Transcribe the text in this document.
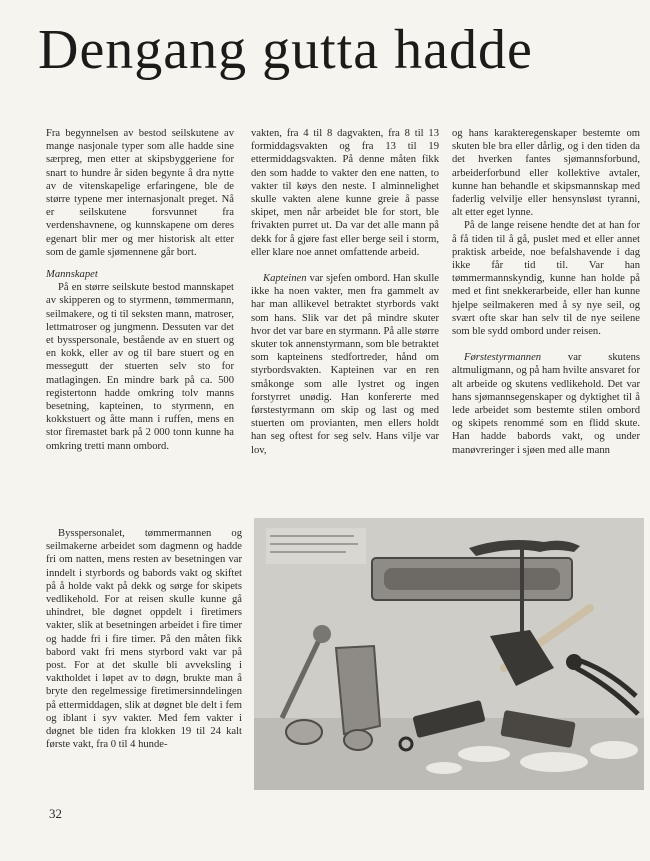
Dengang gutta hadde

Fra begynnelsen av bestod seilskutene av mange nasjonale typer som alle hadde sine særpreg, men etter at skipsbyggeriene for snart to hundre år siden begynte å dra nytte av de vitenskapelige erfaringene, ble de større typene mer internasjonalt preget. Nå er seilskutene forsvunnet fra verdenshavnene, og kunnskapene om deres egenart blir mer og mer historisk alt etter som de gamle sjømennene går bort.

Mannskapet

På en større seilskute bestod mannskapet av skipperen og to styrmenn, tømmermann, seilmakere, og ti til seksten mann, matroser, lettmatroser og jungmenn. Dessuten var det et bysspersonale, bestående av en stuert og en kokk, eller av og til bare stuert og en messegutt der stuerten selv sto for matlagingen. En mindre bark på ca. 500 registertonn hadde omkring tolv manns besetning, kapteinen, to styrmenn, en kokkstuert og åtte mann i ruffen, mens en stor firemastet bark på 2 000 tonn kunne ha omkring tretti mann ombord.

vakten, fra 4 til 8 dagvakten, fra 8 til 13 formiddagsvakten og fra 13 til 19 ettermiddagsvakten. På denne måten fikk den som hadde to vakter den ene natten, to vakter til køys den neste. I alminnelighet skulle vakten alene kunne greie å passe skipet, men når arbeidet ble for stort, ble frivakten purret ut. Da var det alle mann på dekk for å gjøre fast eller berge seil i storm, eller klare noe annet omfattende arbeid.

Kapteinen var sjefen ombord. Han skulle ikke ha noen vakter, men fra gammelt av har man allikevel betraktet styrbords vakt som hans. Slik var det på mindre skuter hvor det var bare en styrmann. På alle større skuter tok annenstyrmann, som ble betraktet som kapteinens stedfortreder, hånd om styrbordsvakten. Kapteinen var en ren småkonge som alle lystret og ingen forstyrret unødig. Han konfererte med førstestyrmann om skip og last og med stuerten om proviantеn, men ellers holdt han seg oftest for seg selv. Hans vilje var lov,

og hans karakteregenskaper bestemte om skuten ble bra eller dårlig, og i den tiden da det hverken fantes sjømannsforbund, arbeiderforbund eller kollektive avtaler, kunne han behandle et skipsmannskap med faderlig velvilje eller hensynsløst tyranni, alt etter eget lynne.

På de lange reisene hendte det at han for å få tiden til å gå, puslet med et eller annet praktisk arbeide, noe befalshavende i dag ikke får tid til. Var han tømmermannskyndig, kunne han holde på med et fint snekkerarbeide, eller han kunne hjelpe seilmakeren med å sy nye seil, og svært ofte skar han selv til de nye seilene som ble sydd ombord under reisen.

Førstestyrmannen var skutens altmuligmann, og på ham hvilte ansvaret for alt arbeide og skutens vedlikehold. Det var hans sjømannsegenskaper og dyktighet til å lede arbeidet som bestemte stilen ombord og skipets renommé som en flidd skute. Han hadde babords vakt, og under manøvreringer i sjøen med alle mann

Bysspersonalet, tømmermannen og seilmakerne arbeidet som dagmenn og hadde fri om natten, mens resten av besetningen var inndelt i styrbords og babords vakt og skiftet på å holde vakt på dekk og sørge for skipets vedlikehold. For at reisen skulle kunne gå uhindret, ble døgnet oppdelt i firetimers vakter, slik at besetningen arbeidet i fire timer og hadde fri i fire timer. På den måten fikk babord vakt fri mens styrbord vakt var på post. For at det skulle bli avveksling i vaktholdet i løpet av to døgn, brukte man å bryte den regelmessige firetimersinndelingen på ettermiddagen, slik at døgnet ble delt i fem og iblant i syv vakter. Med fem vakter i døgnet ble tiden fra klokken 19 til 24 kalt første vakt, fra 0 til 4 hunde-

32
